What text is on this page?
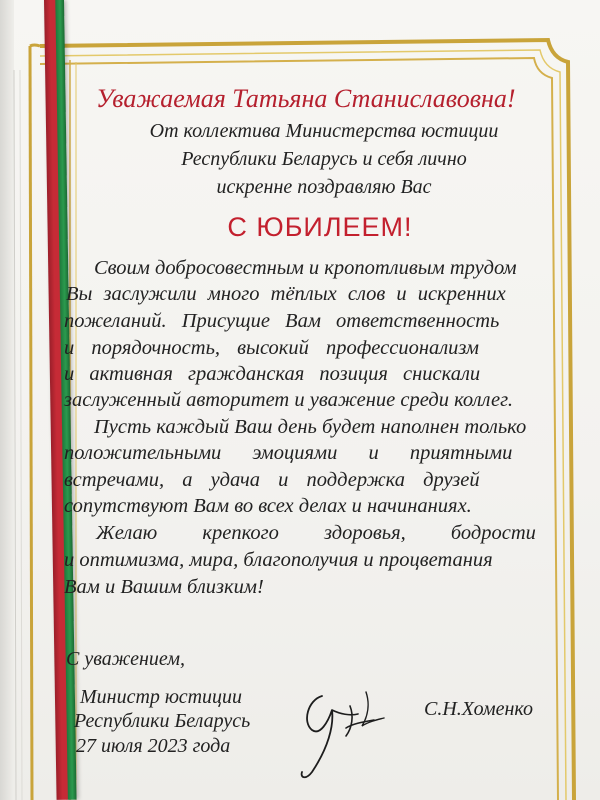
Уважаемая Татьяна Станиславовна!
От коллектива Министерства юстиции
Республики Беларусь и себя лично
искренне поздравляю Вас
С ЮБИЛЕЕМ!
Своим добросовестным и кропотливым трудом
Вы заслужили много тёплых слов и искренних
пожеланий. Присущие Вам ответственность
и порядочность, высокий профессионализм
и активная гражданская позиция снискали
заслуженный авторитет и уважение среди коллег.
Пусть каждый Ваш день будет наполнен только
положительными эмоциями и приятными
встречами, а удача и поддержка друзей
сопутствуют Вам во всех делах и начинаниях.
Желаю крепкого здоровья, бодрости
и оптимизма, мира, благополучия и процветания
Вам и Вашим близким!
С уважением,
Министр юстиции
Республики Беларусь
27 июля 2023 года
С.Н.Хоменко
